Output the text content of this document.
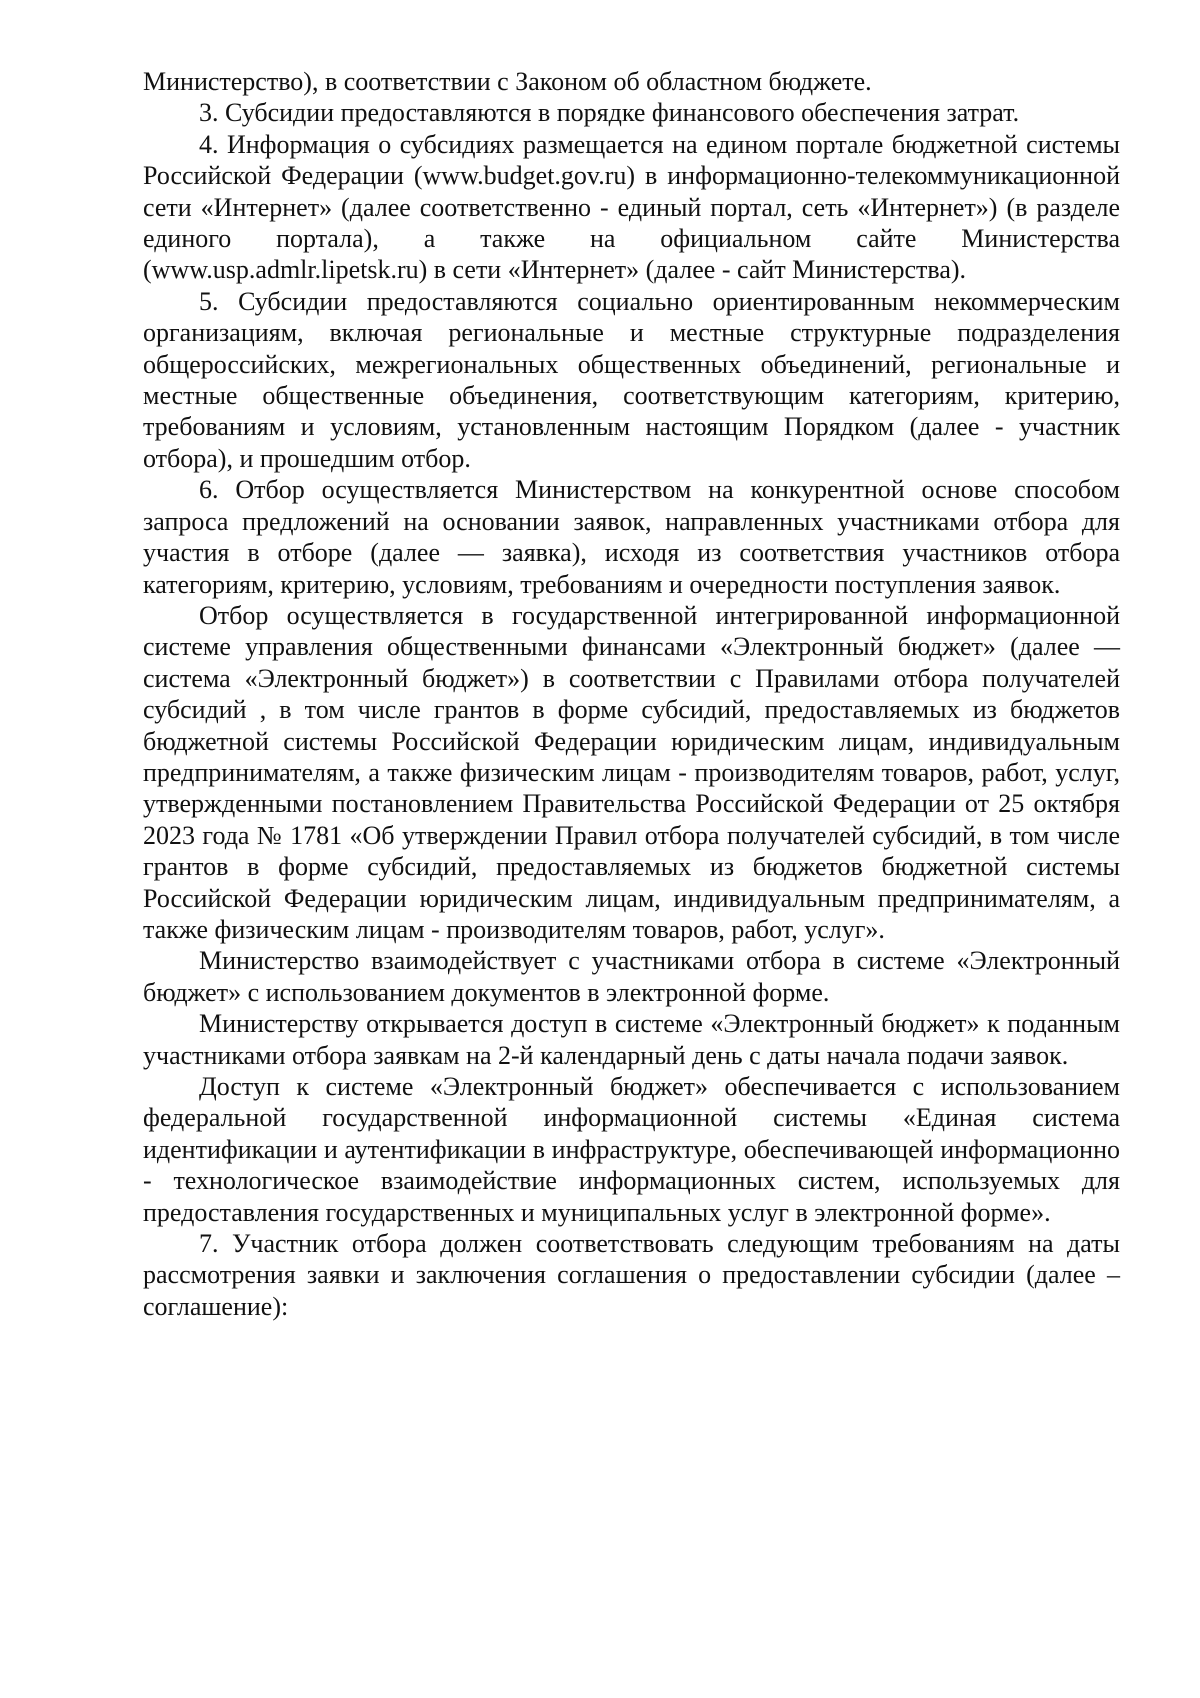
Министерство), в соответствии с Законом об областном бюджете.

3. Субсидии предоставляются в порядке финансового обеспечения затрат.

4. Информация о субсидиях размещается на едином портале бюджетной системы Российской Федерации (www.budget.gov.ru) в информационно-телекоммуникационной сети «Интернет» (далее соответственно - единый портал, сеть «Интернет») (в разделе единого портала), а также на официальном сайте Министерства (www.usp.admlr.lipetsk.ru) в сети «Интернет» (далее - сайт Министерства).

5. Субсидии предоставляются социально ориентированным некоммерческим организациям, включая региональные и местные структурные подразделения общероссийских, межрегиональных общественных объединений, региональные и местные общественные объединения, соответствующим категориям, критерию, требованиям и условиям, установленным настоящим Порядком (далее - участник отбора), и прошедшим отбор.

6. Отбор осуществляется Министерством на конкурентной основе способом запроса предложений на основании заявок, направленных участниками отбора для участия в отборе (далее — заявка), исходя из соответствия участников отбора категориям, критерию, условиям, требованиям и очередности поступления заявок.

Отбор осуществляется в государственной интегрированной информационной системе управления общественными финансами «Электронный бюджет» (далее — система «Электронный бюджет») в соответствии с Правилами отбора получателей субсидий , в том числе грантов в форме субсидий, предоставляемых из бюджетов бюджетной системы Российской Федерации юридическим лицам, индивидуальным предпринимателям, а также физическим лицам - производителям товаров, работ, услуг, утвержденными постановлением Правительства Российской Федерации от 25 октября 2023 года № 1781 «Об утверждении Правил отбора получателей субсидий, в том числе грантов в форме субсидий, предоставляемых из бюджетов бюджетной системы Российской Федерации юридическим лицам, индивидуальным предпринимателям, а также физическим лицам - производителям товаров, работ, услуг».

Министерство взаимодействует с участниками отбора в системе «Электронный бюджет» с использованием документов в электронной форме.

Министерству открывается доступ в системе «Электронный бюджет» к поданным участниками отбора заявкам на 2-й календарный день с даты начала подачи заявок.

Доступ к системе «Электронный бюджет» обеспечивается с использованием федеральной государственной информационной системы «Единая система идентификации и аутентификации в инфраструктуре, обеспечивающей информационно - технологическое взаимодействие информационных систем, используемых для предоставления государственных и муниципальных услуг в электронной форме».

7. Участник отбора должен соответствовать следующим требованиям на даты рассмотрения заявки и заключения соглашения о предоставлении субсидии (далее – соглашение):
